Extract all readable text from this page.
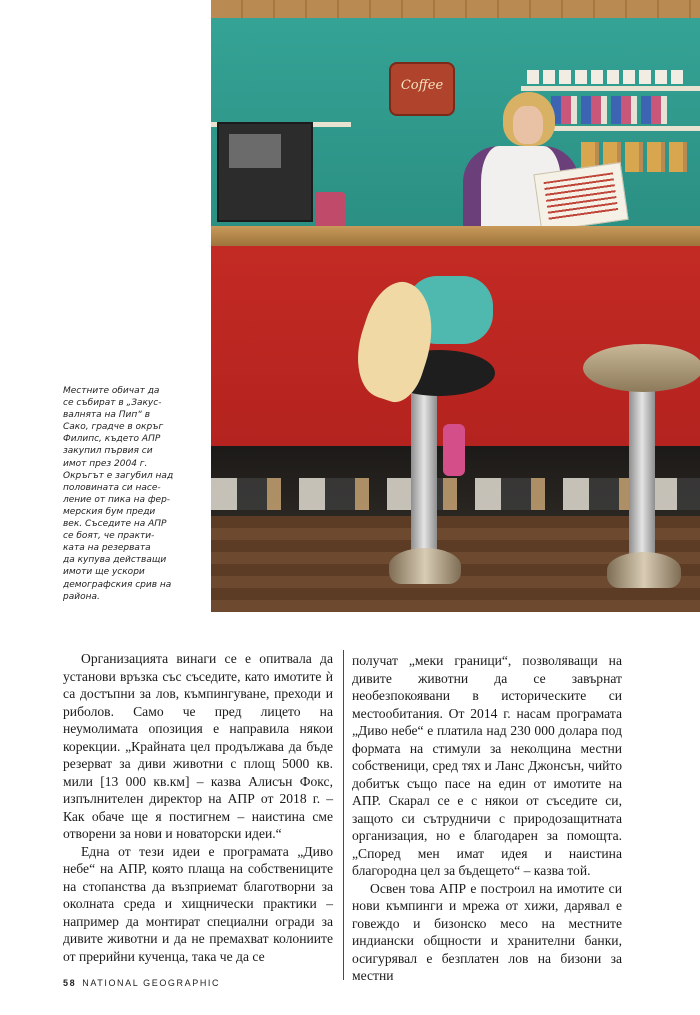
Coffee

Местните обичат да
се събират в „Закус-
валнята на Пип“ в
Сако, градче в окръг
Филипс, където АПР
закупил първия си
имот през 2004 г.
Окръгът е загубил над
половината си насе-
ление от пика на фер-
мерския бум преди
век. Съседите на АПР
се боят, че практи-
ката на резервата
да купува действащи
имоти ще ускори
демографския срив на
района.

Организацията винаги се е опитвала да установи връзка със съседите, като имотите ѝ са достъпни за лов, къмпингуване, преходи и риболов. Само че пред лицето на неумолимата опозиция е направила някои корекции. „Крайната цел продължава да бъде резерват за диви животни с площ 5000 кв. мили [13 000 кв.км] – казва Алисън Фокс, изпълнителен директор на АПР от 2018 г. – Как обаче ще я постигнем – наистина сме отворени за нови и новаторски идеи.“

Една от тези идеи е програмата „Диво небе“ на АПР, която плаща на собствениците на стопанства да възприемат благотворни за околната среда и хищнически практики – например да монтират специални огради за дивите животни и да не премахват колониите от прерийни кученца, така че да се

получат „меки граници“, позволяващи на дивите животни да се завърнат необезпокоявани в историческите си местообитания. От 2014 г. насам програмата „Диво небе“ е платила над 230 000 долара под формата на стимули за неколцина местни собственици, сред тях и Ланс Джонсън, чийто добитък също пасе на един от имотите на АПР. Скарал се е с някои от съседите си, защото си сътрудничи с природозащитната организация, но е благодарен за помощта. „Според мен имат идея и наистина благородна цел за бъдещето“ – казва той.

Освен това АПР е построил на имотите си нови къмпинги и мрежа от хижи, дарявал е говеждо и бизонско месо на местните индиански общности и хранителни банки, осигурявал е безплатен лов на бизони за местни

58 NATIONAL GEOGRAPHIC
